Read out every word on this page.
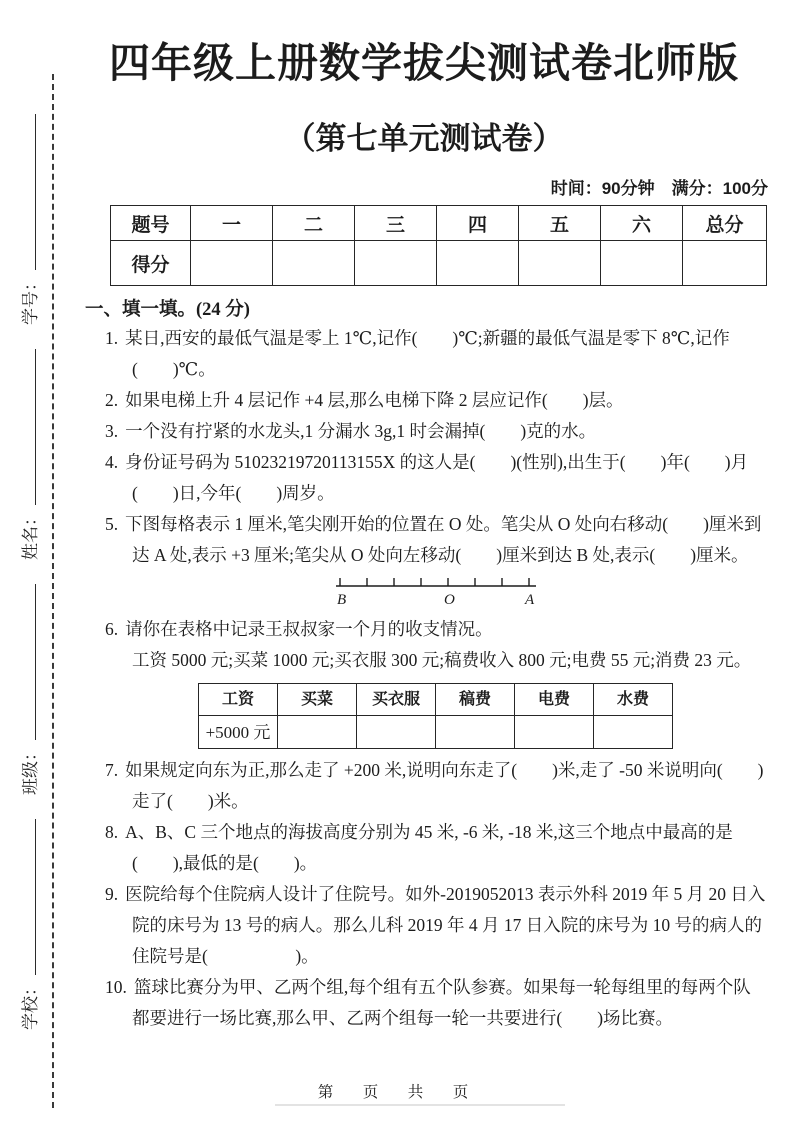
学号：
姓名：
班级：
学校：
四年级上册数学拔尖测试卷北师版
（第七单元测试卷）
时间：90分钟　满分：100分
题号	一	二	三	四	五	六	总分
得分							
一、填一填。(24 分)
1. 某日,西安的最低气温是零上 1℃,记作(　　)℃;新疆的最低气温是零下 8℃,记作(　　)℃。
2. 如果电梯上升 4 层记作 +4 层,那么电梯下降 2 层应记作(　　)层。
3. 一个没有拧紧的水龙头,1 分漏水 3g,1 时会漏掉(　　)克的水。
4. 身份证号码为 51023219720113155X 的这人是(　　)(性别),出生于(　　)年(　　)月(　　)日,今年(　　)周岁。
5. 下图每格表示 1 厘米,笔尖刚开始的位置在 O 处。笔尖从 O 处向右移动(　　)厘米到达 A 处,表示 +3 厘米;笔尖从 O 处向左移动(　　)厘米到达 B 处,表示(　　)厘米。
B	O	A
6. 请你在表格中记录王叔叔家一个月的收支情况。
工资 5000 元;买菜 1000 元;买衣服 300 元;稿费收入 800 元;电费 55 元;消费 23 元。
工资	买菜	买衣服	稿费	电费	水费
+5000 元					
7. 如果规定向东为正,那么走了 +200 米,说明向东走了(　　)米,走了 -50 米说明向(　　)走了(　　)米。
8. A、B、C 三个地点的海拔高度分别为 45 米, -6 米, -18 米,这三个地点中最高的是(　　),最低的是(　　)。
9. 医院给每个住院病人设计了住院号。如外-2019052013 表示外科 2019 年 5 月 20 日入院的床号为 13 号的病人。那么儿科 2019 年 4 月 17 日入院的床号为 10 号的病人的住院号是(　　　　　)。
10. 篮球比赛分为甲、乙两个组,每个组有五个队参赛。如果每一轮每组里的每两个队都要进行一场比赛,那么甲、乙两个组每一轮一共要进行(　　)场比赛。
第　页　共　页
